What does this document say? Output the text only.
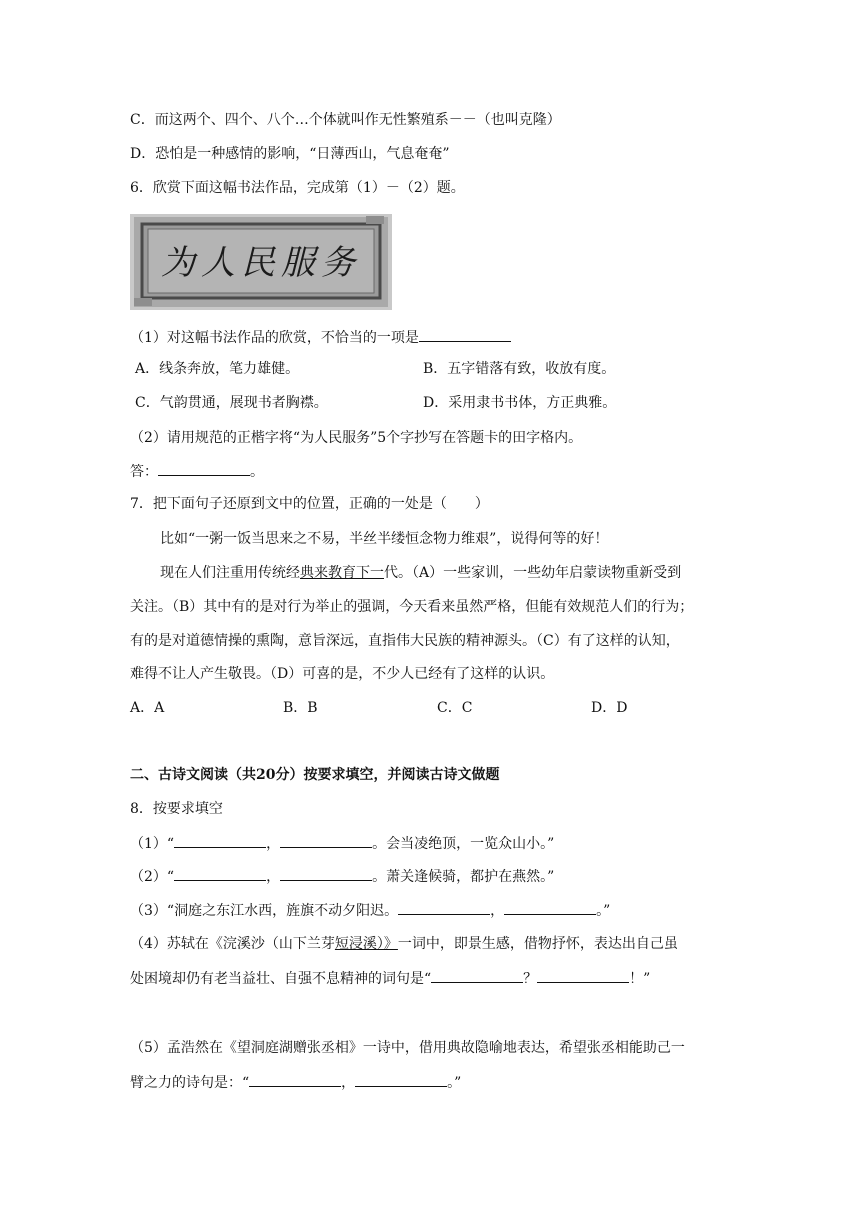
C．而这两个、四个、八个…个体就叫作无性繁殖系－－（也叫克隆）
D．恐怕是一种感情的影响，“日薄西山，气息奄奄”
6．欣赏下面这幅书法作品，完成第（1）－（2）题。
为人民服务
（1）对这幅书法作品的欣赏，不恰当的一项是
A．线条奔放，笔力雄健。	B．五字错落有致，收放有度。
C．气韵贯通，展现书者胸襟。	D．采用隶书书体，方正典雅。
（2）请用规范的正楷字将“为人民服务”5个字抄写在答题卡的田字格内。
答：	。
7．把下面句子还原到文中的位置，正确的一处是（　　）
比如“一粥一饭当思来之不易，半丝半缕恒念物力维艰”，说得何等的好！
现在人们注重用传统经典来教育下一代。（A）一些家训，一些幼年启蒙读物重新受到
关注。（B）其中有的是对行为举止的强调，今天看来虽然严格，但能有效规范人们的行为；
有的是对道德情操的熏陶，意旨深远，直指伟大民族的精神源头。（C）有了这样的认知，
难得不让人产生敬畏。（D）可喜的是，不少人已经有了这样的认识。
A．A	B．B	C．C	D．D
二、古诗文阅读（共20分）按要求填空，并阅读古诗文做题
8．按要求填空
（1）“	，	。会当凌绝顶，一览众山小。”
（2）“	，	。萧关逢候骑，都护在燕然。”
（3）“洞庭之东江水西，旌旗不动夕阳迟。	，	。”
（4）苏轼在《浣溪沙（山下兰芽短浸溪）》一词中，即景生感，借物抒怀，表达出自己虽
处困境却仍有老当益壮、自强不息精神的词句是“	？	！”
（5）孟浩然在《望洞庭湖赠张丞相》一诗中，借用典故隐喻地表达，希望张丞相能助己一
臂之力的诗句是：“	，	。”
